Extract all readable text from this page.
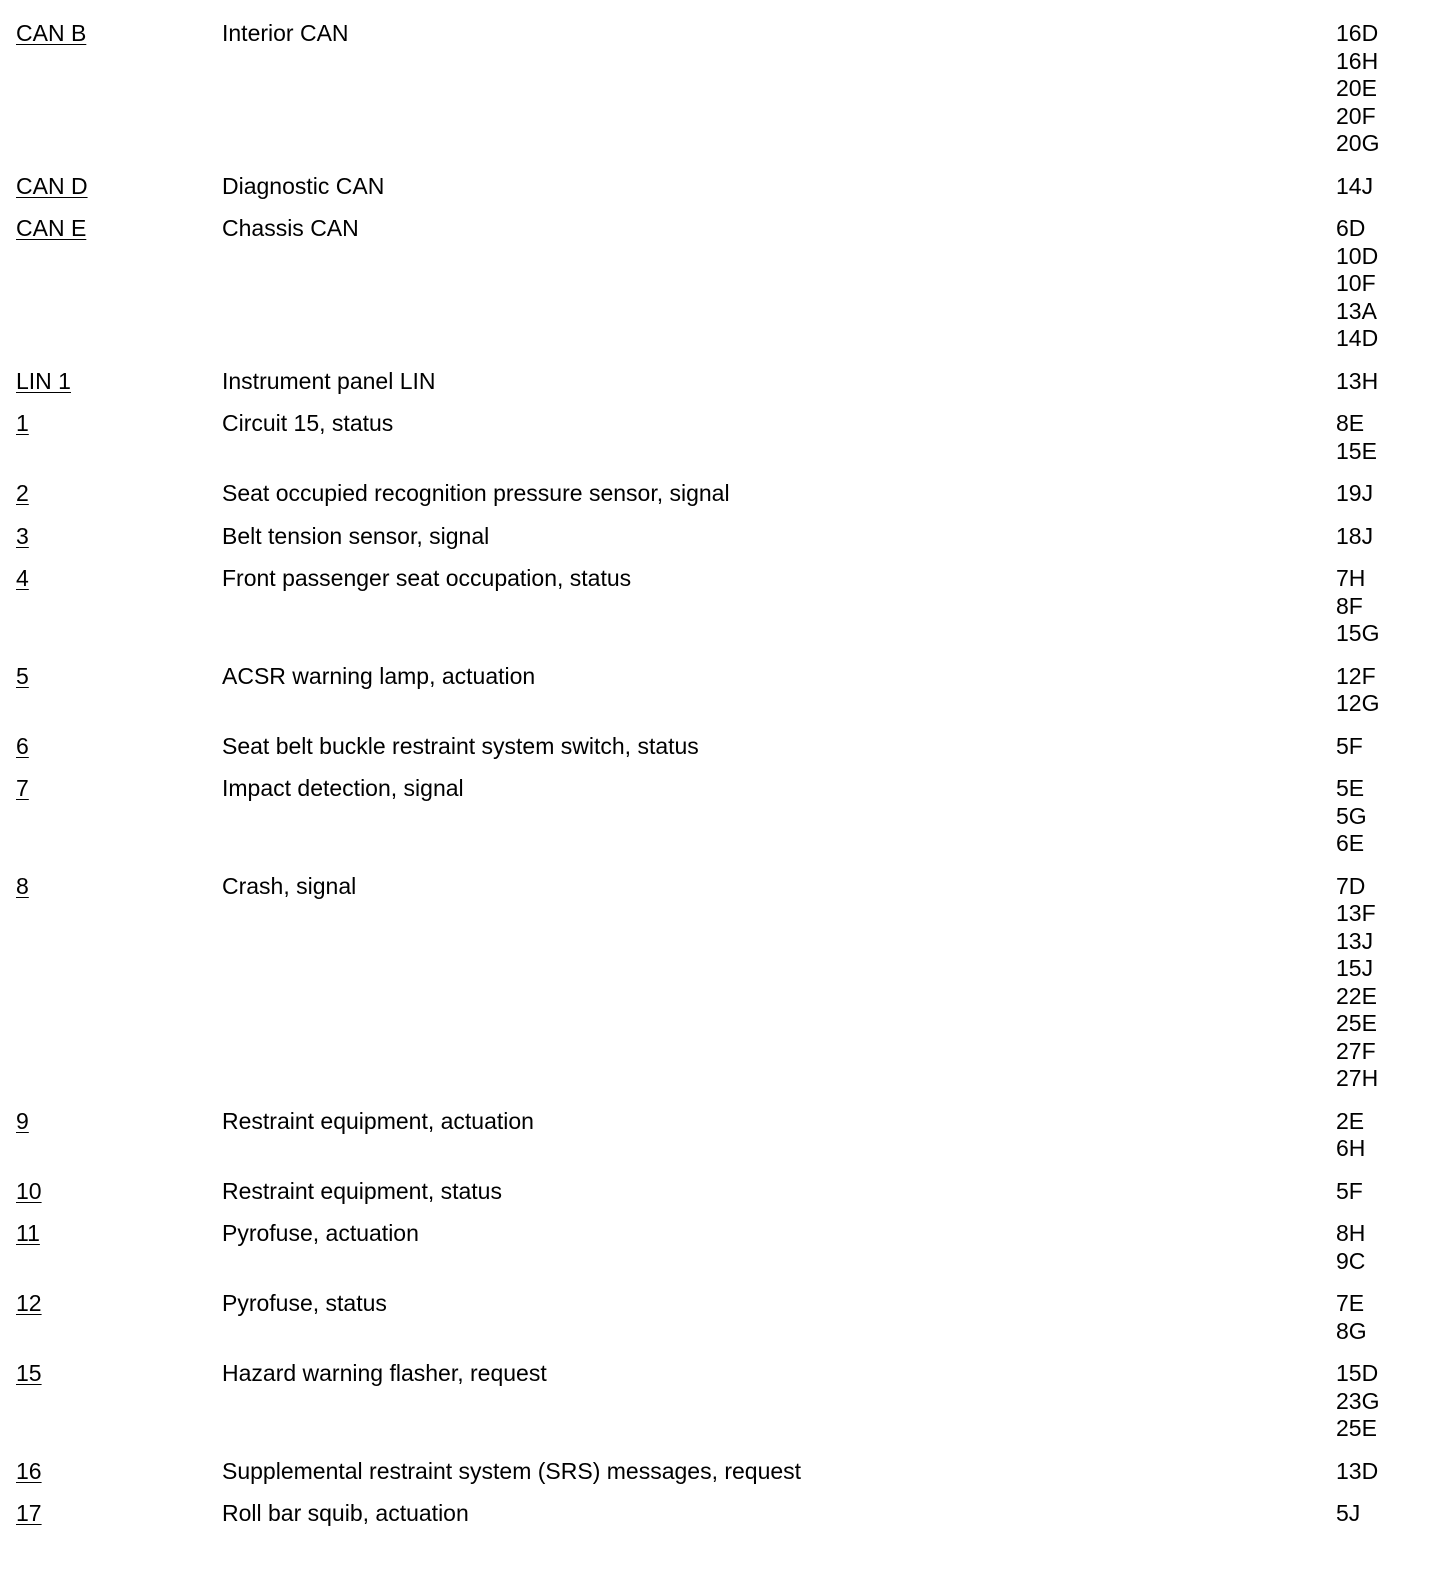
CAN B	Interior CAN	16D
16H
20E
20F
20G
CAN D	Diagnostic CAN	14J
CAN E	Chassis CAN	6D
10D
10F
13A
14D
LIN 1	Instrument panel LIN	13H
1	Circuit 15, status	8E
15E
2	Seat occupied recognition pressure sensor, signal	19J
3	Belt tension sensor, signal	18J
4	Front passenger seat occupation, status	7H
8F
15G
5	ACSR warning lamp, actuation	12F
12G
6	Seat belt buckle restraint system switch, status	5F
7	Impact detection, signal	5E
5G
6E
8	Crash, signal	7D
13F
13J
15J
22E
25E
27F
27H
9	Restraint equipment, actuation	2E
6H
10	Restraint equipment, status	5F
11	Pyrofuse, actuation	8H
9C
12	Pyrofuse, status	7E
8G
15	Hazard warning flasher, request	15D
23G
25E
16	Supplemental restraint system (SRS) messages, request	13D
17	Roll bar squib, actuation	5J
